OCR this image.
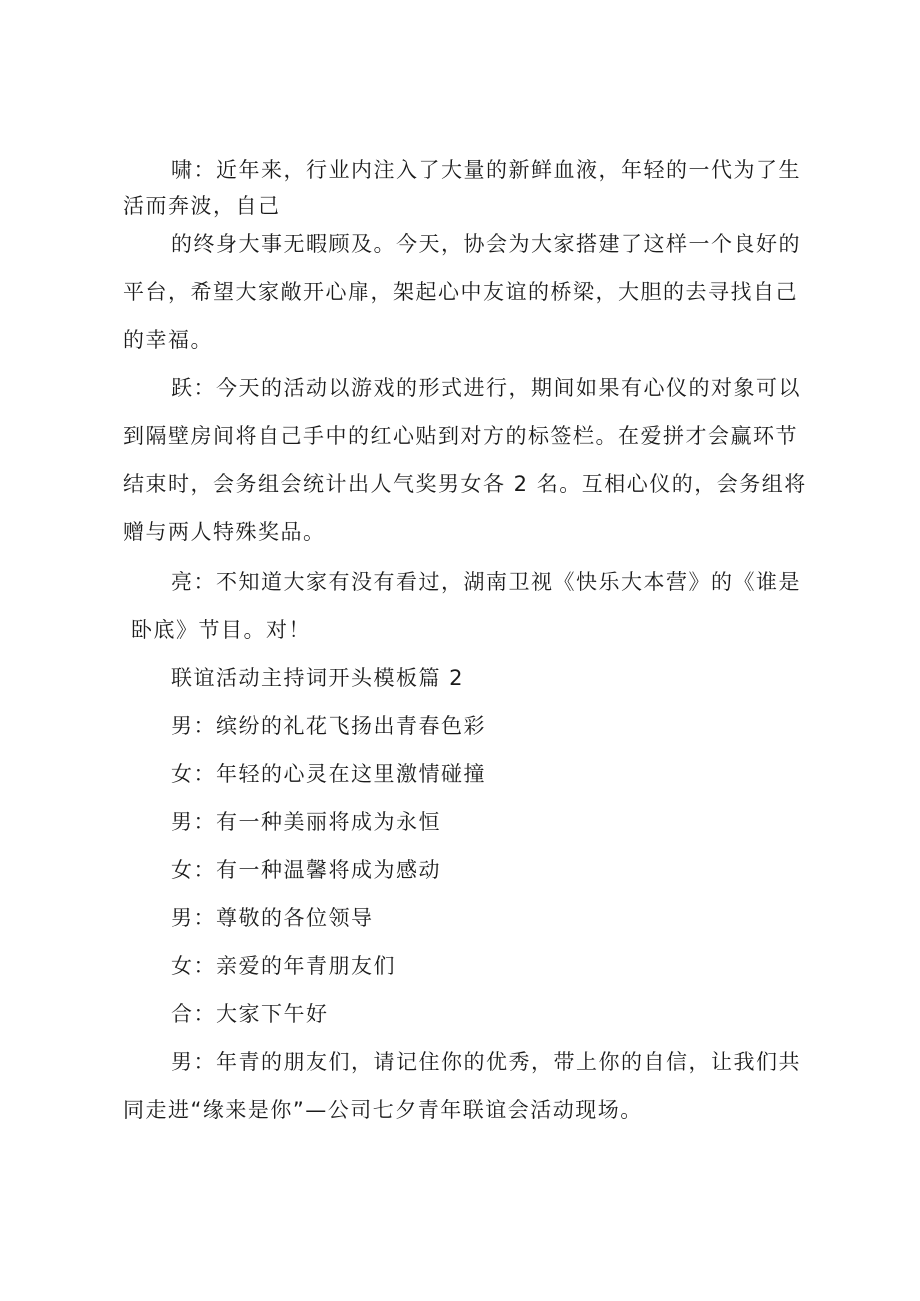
啸：近年来，行业内注入了大量的新鲜血液，年轻的一代为了生
活而奔波，自己
的终身大事无暇顾及。今天，协会为大家搭建了这样一个良好的
平台，希望大家敞开心扉，架起心中友谊的桥梁，大胆的去寻找自己
的幸福。
跃：今天的活动以游戏的形式进行，期间如果有心仪的对象可以
到隔壁房间将自己手中的红心贴到对方的标签栏。在爱拼才会赢环节
结束时，会务组会统计出人气奖男女各 2 名。互相心仪的，会务组将
赠与两人特殊奖品。
亮：不知道大家有没有看过，湖南卫视《快乐大本营》的《谁是
卧底》节目。对！
联谊活动主持词开头模板篇 2
男：缤纷的礼花飞扬出青春色彩
女：年轻的心灵在这里激情碰撞
男：有一种美丽将成为永恒
女：有一种温馨将成为感动
男：尊敬的各位领导
女：亲爱的年青朋友们
合：大家下午好
男：年青的朋友们，请记住你的优秀，带上你的自信，让我们共
同走进“缘来是你”—公司七夕青年联谊会活动现场。
